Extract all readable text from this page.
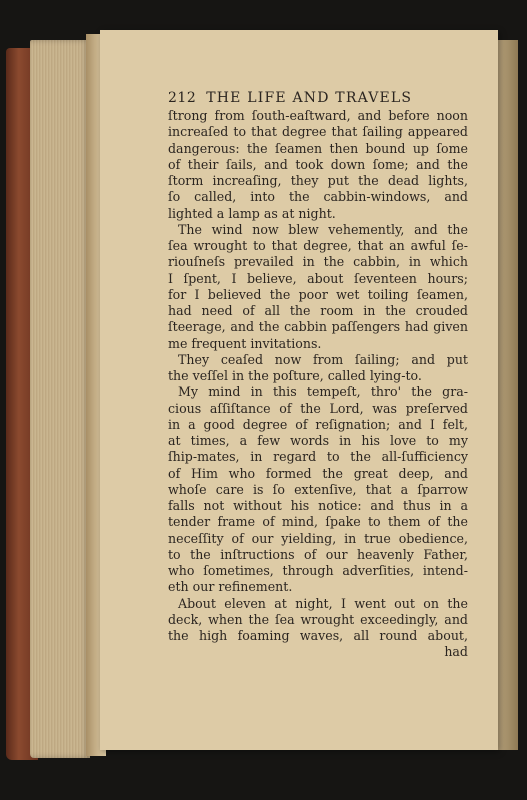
212 THE LIFE AND TRAVELS
ſtrong from ſouth-eaſtward, and before noon
increaſed to that degree that ſailing appeared
dangerous: the ſeamen then bound up ſome
of their ſails, and took down ſome; and the
ſtorm increaſing, they put the dead lights,
ſo called, into the cabbin-windows, and
lighted a lamp as at night.
The wind now blew vehemently, and the
ſea wrought to that degree, that an awful ſe-
riouſneſs prevailed in the cabbin, in which
I ſpent, I believe, about ſeventeen hours;
for I believed the poor wet toiling ſeamen,
had need of all the room in the crouded
ſteerage, and the cabbin paſſengers had given
me frequent invitations.
They ceaſed now from ſailing; and put
the veſſel in the poſture, called lying-to.
My mind in this tempeſt, thro' the gra-
cious aſſiſtance of the Lord, was preſerved
in a good degree of reſignation; and I felt,
at times, a few words in his love to my
ſhip-mates, in regard to the all-ſufficiency
of Him who formed the great deep, and
whoſe care is ſo extenſive, that a ſparrow
falls not without his notice: and thus in a
tender frame of mind, ſpake to them of the
neceſſity of our yielding, in true obedience,
to the inſtructions of our heavenly Father,
who ſometimes, through adverſities, intend-
eth our refinement.
About eleven at night, I went out on the
deck, when the ſea wrought exceedingly, and
the high foaming waves, all round about,
had
